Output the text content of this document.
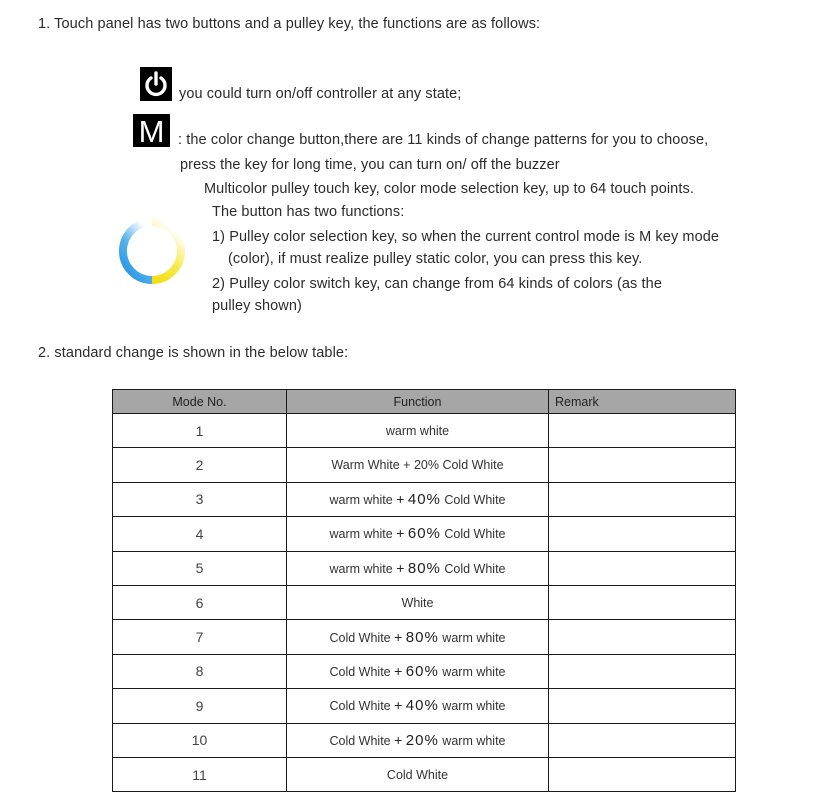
1. Touch panel has two buttons and a pulley key, the functions are as follows:
you could turn on/off controller at any state;
M : the color change button,there are 11 kinds of change patterns for you to choose,
press the key for long time, you can turn on/ off the buzzer
Multicolor pulley touch key, color mode selection key, up to 64 touch points.
The button has two functions:
1) Pulley color selection key, so when the current control mode is M key mode
(color), if must realize pulley static color, you can press this key.
2) Pulley color switch key, can change from 64 kinds of colors (as the
pulley shown)
2. standard change is shown in the below table:
Mode No.	Function	Remark
1	warm white	
2	Warm White + 20% Cold White	
3	warm white + 40% Cold White	
4	warm white + 60% Cold White	
5	warm white + 80% Cold White	
6	White	
7	Cold White + 80% warm white	
8	Cold White + 60% warm white	
9	Cold White + 40% warm white	
10	Cold White + 20% warm white	
11	Cold White	
